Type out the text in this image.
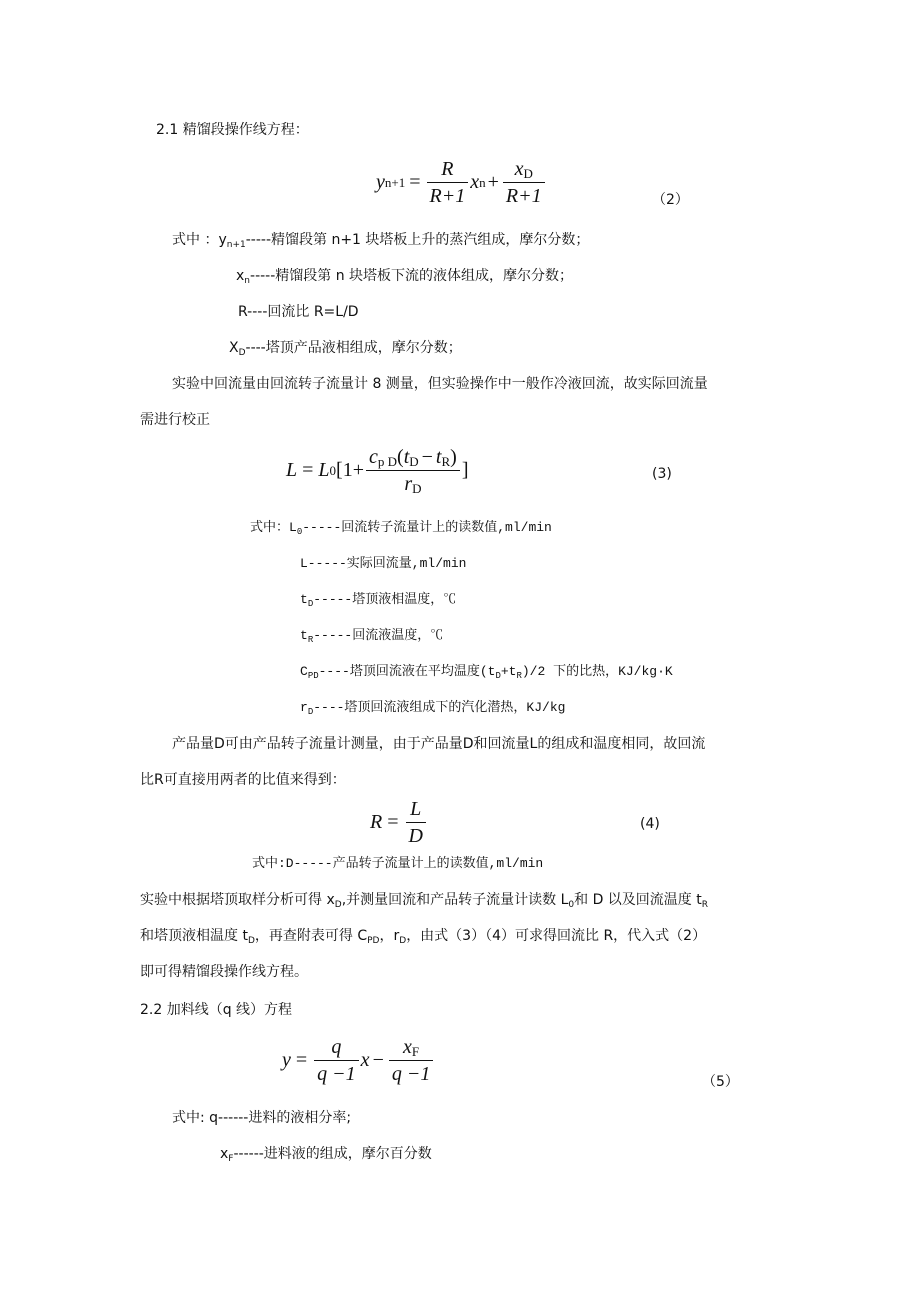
2.1 精馏段操作线方程：
y $n+1 = \frac{R}{R+1}$ x $n + \frac{x_D}{R+1}$	（2）
式中 ：$y_{n+1}-----$精馏段第 n+1 块塔板上升的蒸汽组成，摩尔分数；
$x_n-----$精馏段第 n 块塔板下流的液体组成，摩尔分数；
R----回流比 R=L/D
$X_D----$塔顶产品液相组成，摩尔分数；
实验中回流量由回流转子流量计 8 测量，但实验操作中一般作冷液回流，故实际回流量
需进行校正
L = L 0 [$1+ \frac{c_{p D}(t_D - t_R)}{r_D}$ ]	(3)
式中：$L_0-----$回流转子流量计上的读数值,ml/min
L-----实际回流量,ml/min
$t_D-----$塔顶液相温度，℃
$t_R-----$回流液温度，℃
$C_{PD}----$塔顶回流液在平均温度$(t_D+t_R)/2$ 下的比热，KJ/kg·K
$r_D----$塔顶回流液组成下的汽化潜热，KJ/kg
产品量D可由产品转子流量计测量，由于产品量D和回流量L的组成和温度相同，故回流
比R可直接用两者的比值来得到：
$R = \frac{L}{D}$	(4)
式中:D-----产品转子流量计上的读数值,ml/min
实验中根据塔顶取样分析可得 $x_D$,并测量回流和产品转子流量计读数 $L_0$和 D 以及回流温度 $t_R$
和塔顶液相温度 $t_D$，再查附表可得 $C_{PD}$，$r_D$，由式（3）（4）可求得回流比 R，代入式（2）
即可得精馏段操作线方程。
2.2 加料线（q 线）方程
$y = \frac{q}{q -1}$ $x - \frac{x_F}{q -1}$	（5）
式中: q------进料的液相分率;
$x_F------$进料液的组成，摩尔百分数
